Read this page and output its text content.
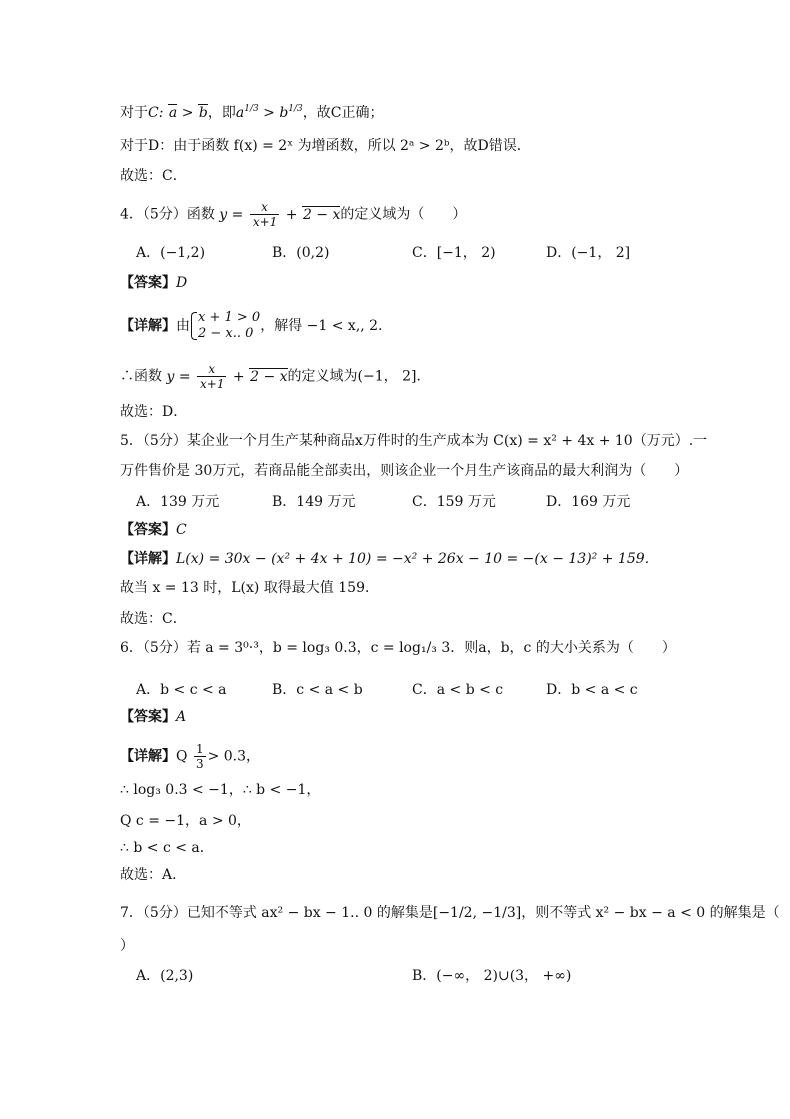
对于C: a > b，即$a^{1/3} > b^{1/3}$，故C正确；
对于D：由于函数 f(x) = 2ˣ 为增函数，所以 2ᵃ > 2ᵇ，故D错误．
故选：C．
4．（5分）函数 $y = \frac{x}{x+1} + 2 - x$的定义域为（　　）
A．(−1,2)	B．(0,2)	C．[−1， 2)	D．(−1， 2]
【答案】D
【详解】由
x + 1 > 0
2 − x.. 0 ，解得 −1 < x,, 2．
∴函数 $y = \frac{x}{x+1} + 2 - x$的定义域为(−1， 2]．
故选：D．
5．（5分）某企业一个月生产某种商品x万件时的生产成本为 C(x) = x² + 4x + 10（万元）.一
万件售价是 30万元，若商品能全部卖出，则该企业一个月生产该商品的最大利润为（　　）
A．139 万元	B．149 万元	C．159 万元	D．169 万元
【答案】C
【详解】L(x) = 30x − (x² + 4x + 10) = −x² + 26x − 10 = −(x − 13)² + 159．
故当 x = 13 时，L(x) 取得最大值 159．
故选：C．
6．（5分）若 a = 3⁰·³，b = log₃ 0.3，c = log₁/₃ 3．则a，b，c 的大小关系为（　　）
A．b < c < a	B．c < a < b	C．a < b < c	D．b < a < c
【答案】A
【详解】Q $\frac{1}{3} > 0.3$，
∴ log₃ 0.3 < −1，∴ b < −1，
Q c = −1，a > 0，
∴ b < c < a．
故选：A．
7．（5分）已知不等式 ax² − bx − 1.. 0 的解集是[−1/2, −1/3]，则不等式 x² − bx − a < 0 的解集是（
）
A．(2,3)	B．(−∞， 2)∪(3， +∞)
